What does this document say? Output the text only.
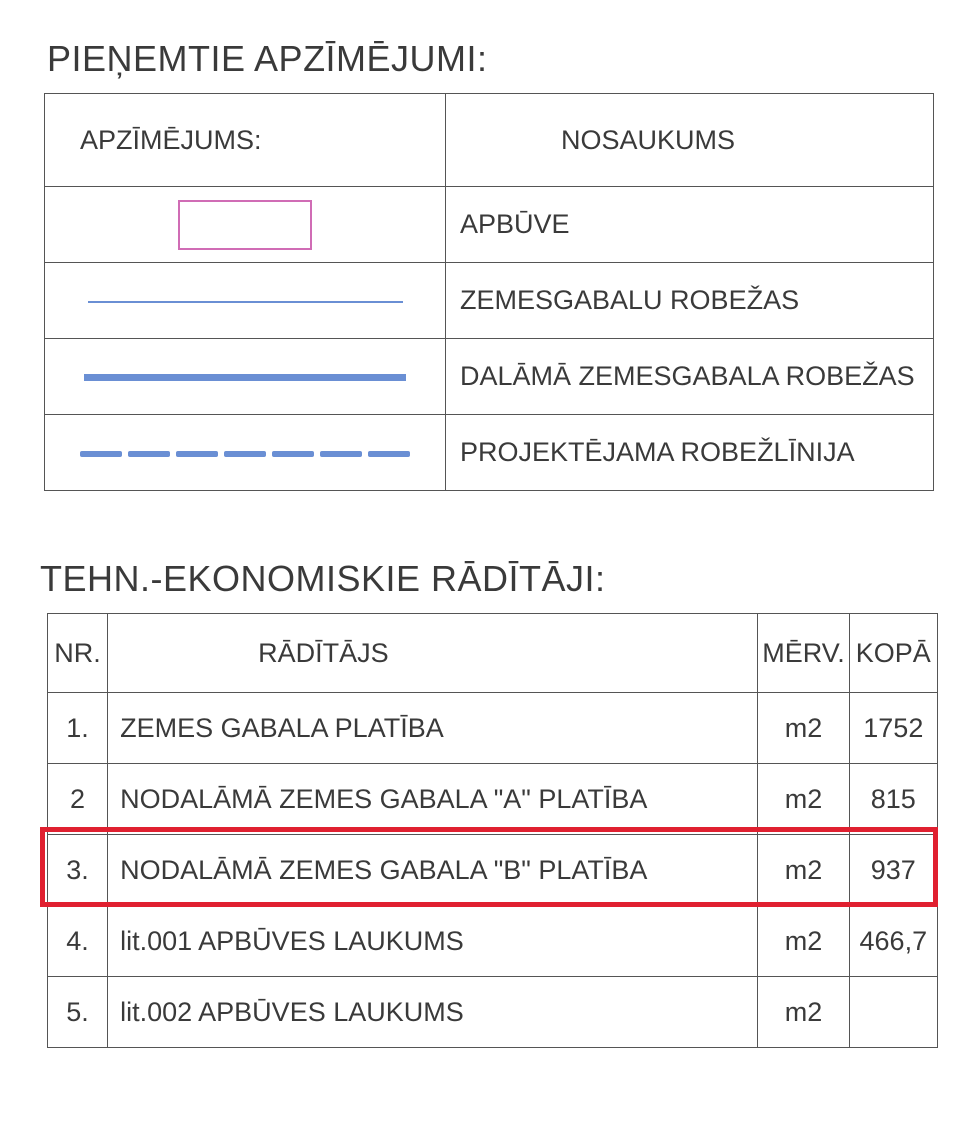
PIEŅEMTIE APZĪMĒJUMI:
APZĪMĒJUMS:	NOSAUKUMS
	APBŪVE
	ZEMESGABALU ROBEŽAS
	DALĀMĀ ZEMESGABALA ROBEŽAS

	PROJEKTĒJAMA ROBEŽLĪNIJA
TEHN.-EKONOMISKIE RĀDĪTĀJI:
NR.	RĀDĪTĀJS	MĒRV.	KOPĀ
1.	ZEMES GABALA PLATĪBA	m2	1752
2	NODALĀMĀ ZEMES GABALA "A" PLATĪBA	m2	815
3.	NODALĀMĀ ZEMES GABALA "B" PLATĪBA	m2	937
4.	lit.001 APBŪVES LAUKUMS	m2	466,7
5.	lit.002 APBŪVES LAUKUMS	m2	
